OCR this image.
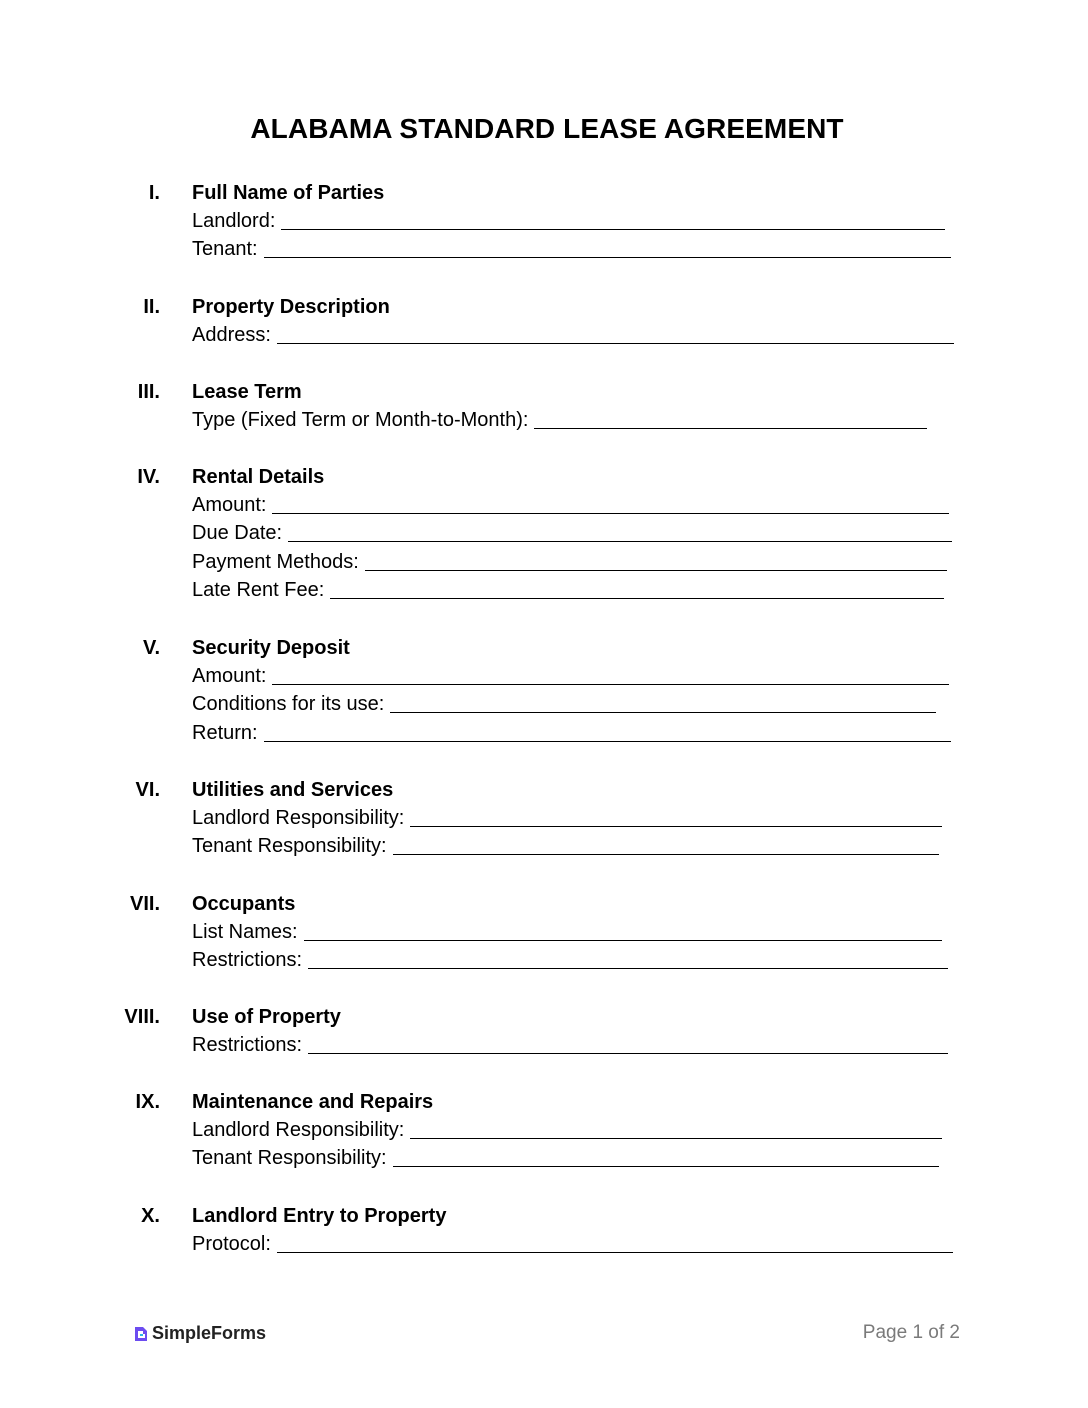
ALABAMA STANDARD LEASE AGREEMENT
I. Full Name of Parties
Landlord:
Tenant:
II. Property Description
Address:
III. Lease Term
Type (Fixed Term or Month-to-Month):
IV. Rental Details
Amount:
Due Date:
Payment Methods:
Late Rent Fee:
V. Security Deposit
Amount:
Conditions for its use:
Return:
VI. Utilities and Services
Landlord Responsibility:
Tenant Responsibility:
VII. Occupants
List Names:
Restrictions:
VIII. Use of Property
Restrictions:
IX. Maintenance and Repairs
Landlord Responsibility:
Tenant Responsibility:
X. Landlord Entry to Property
Protocol:
SimpleForms	Page 1 of 2
